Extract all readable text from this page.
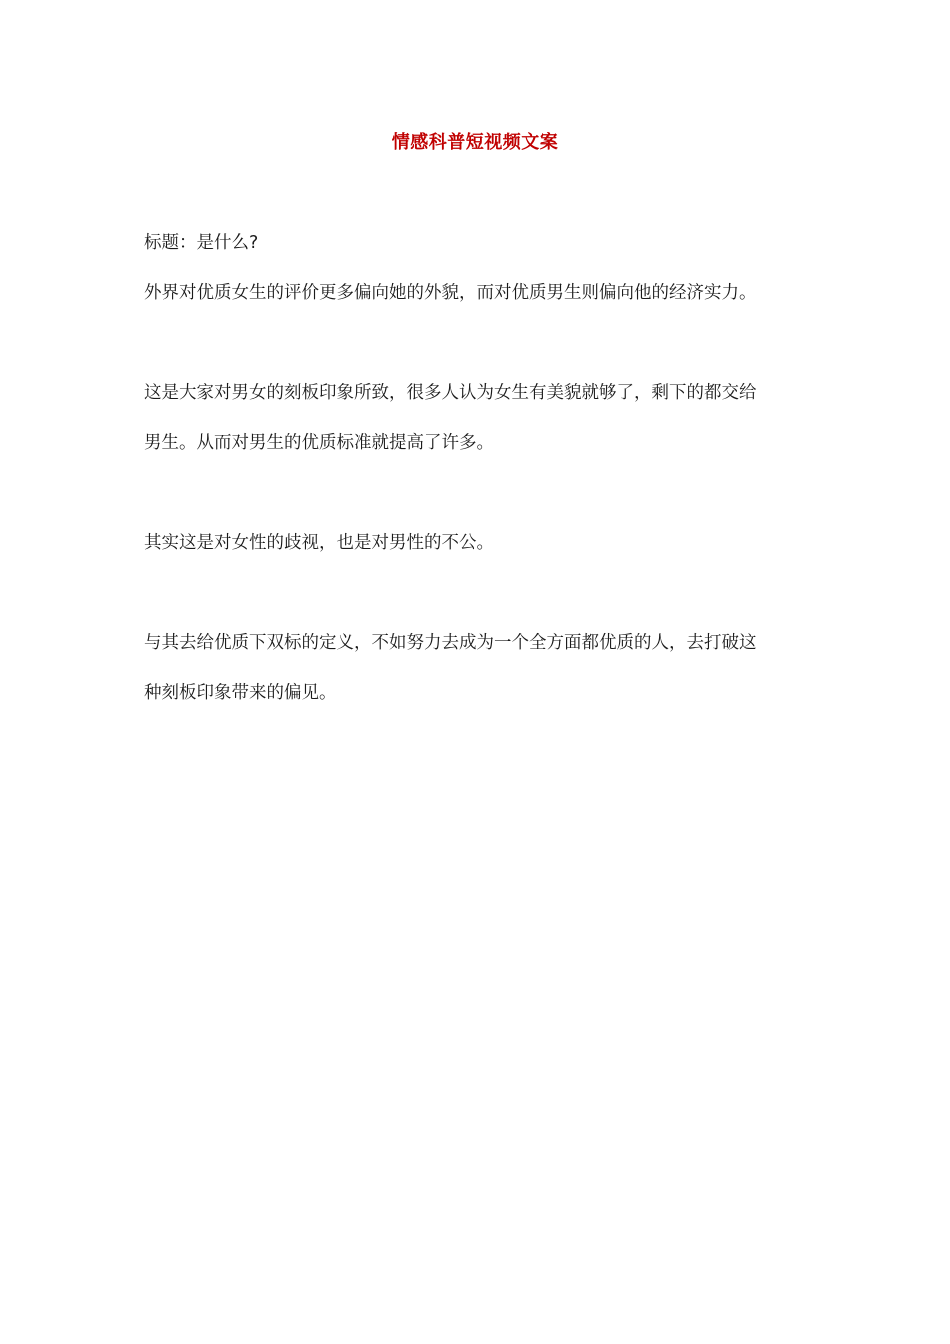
情感科普短视频文案

标题：是什么?

外界对优质女生的评价更多偏向她的外貌，而对优质男生则偏向他的经济实力。

这是大家对男女的刻板印象所致，很多人认为女生有美貌就够了，剩下的都交给

男生。从而对男生的优质标准就提高了许多。

其实这是对女性的歧视，也是对男性的不公。

与其去给优质下双标的定义，不如努力去成为一个全方面都优质的人，去打破这

种刻板印象带来的偏见。
